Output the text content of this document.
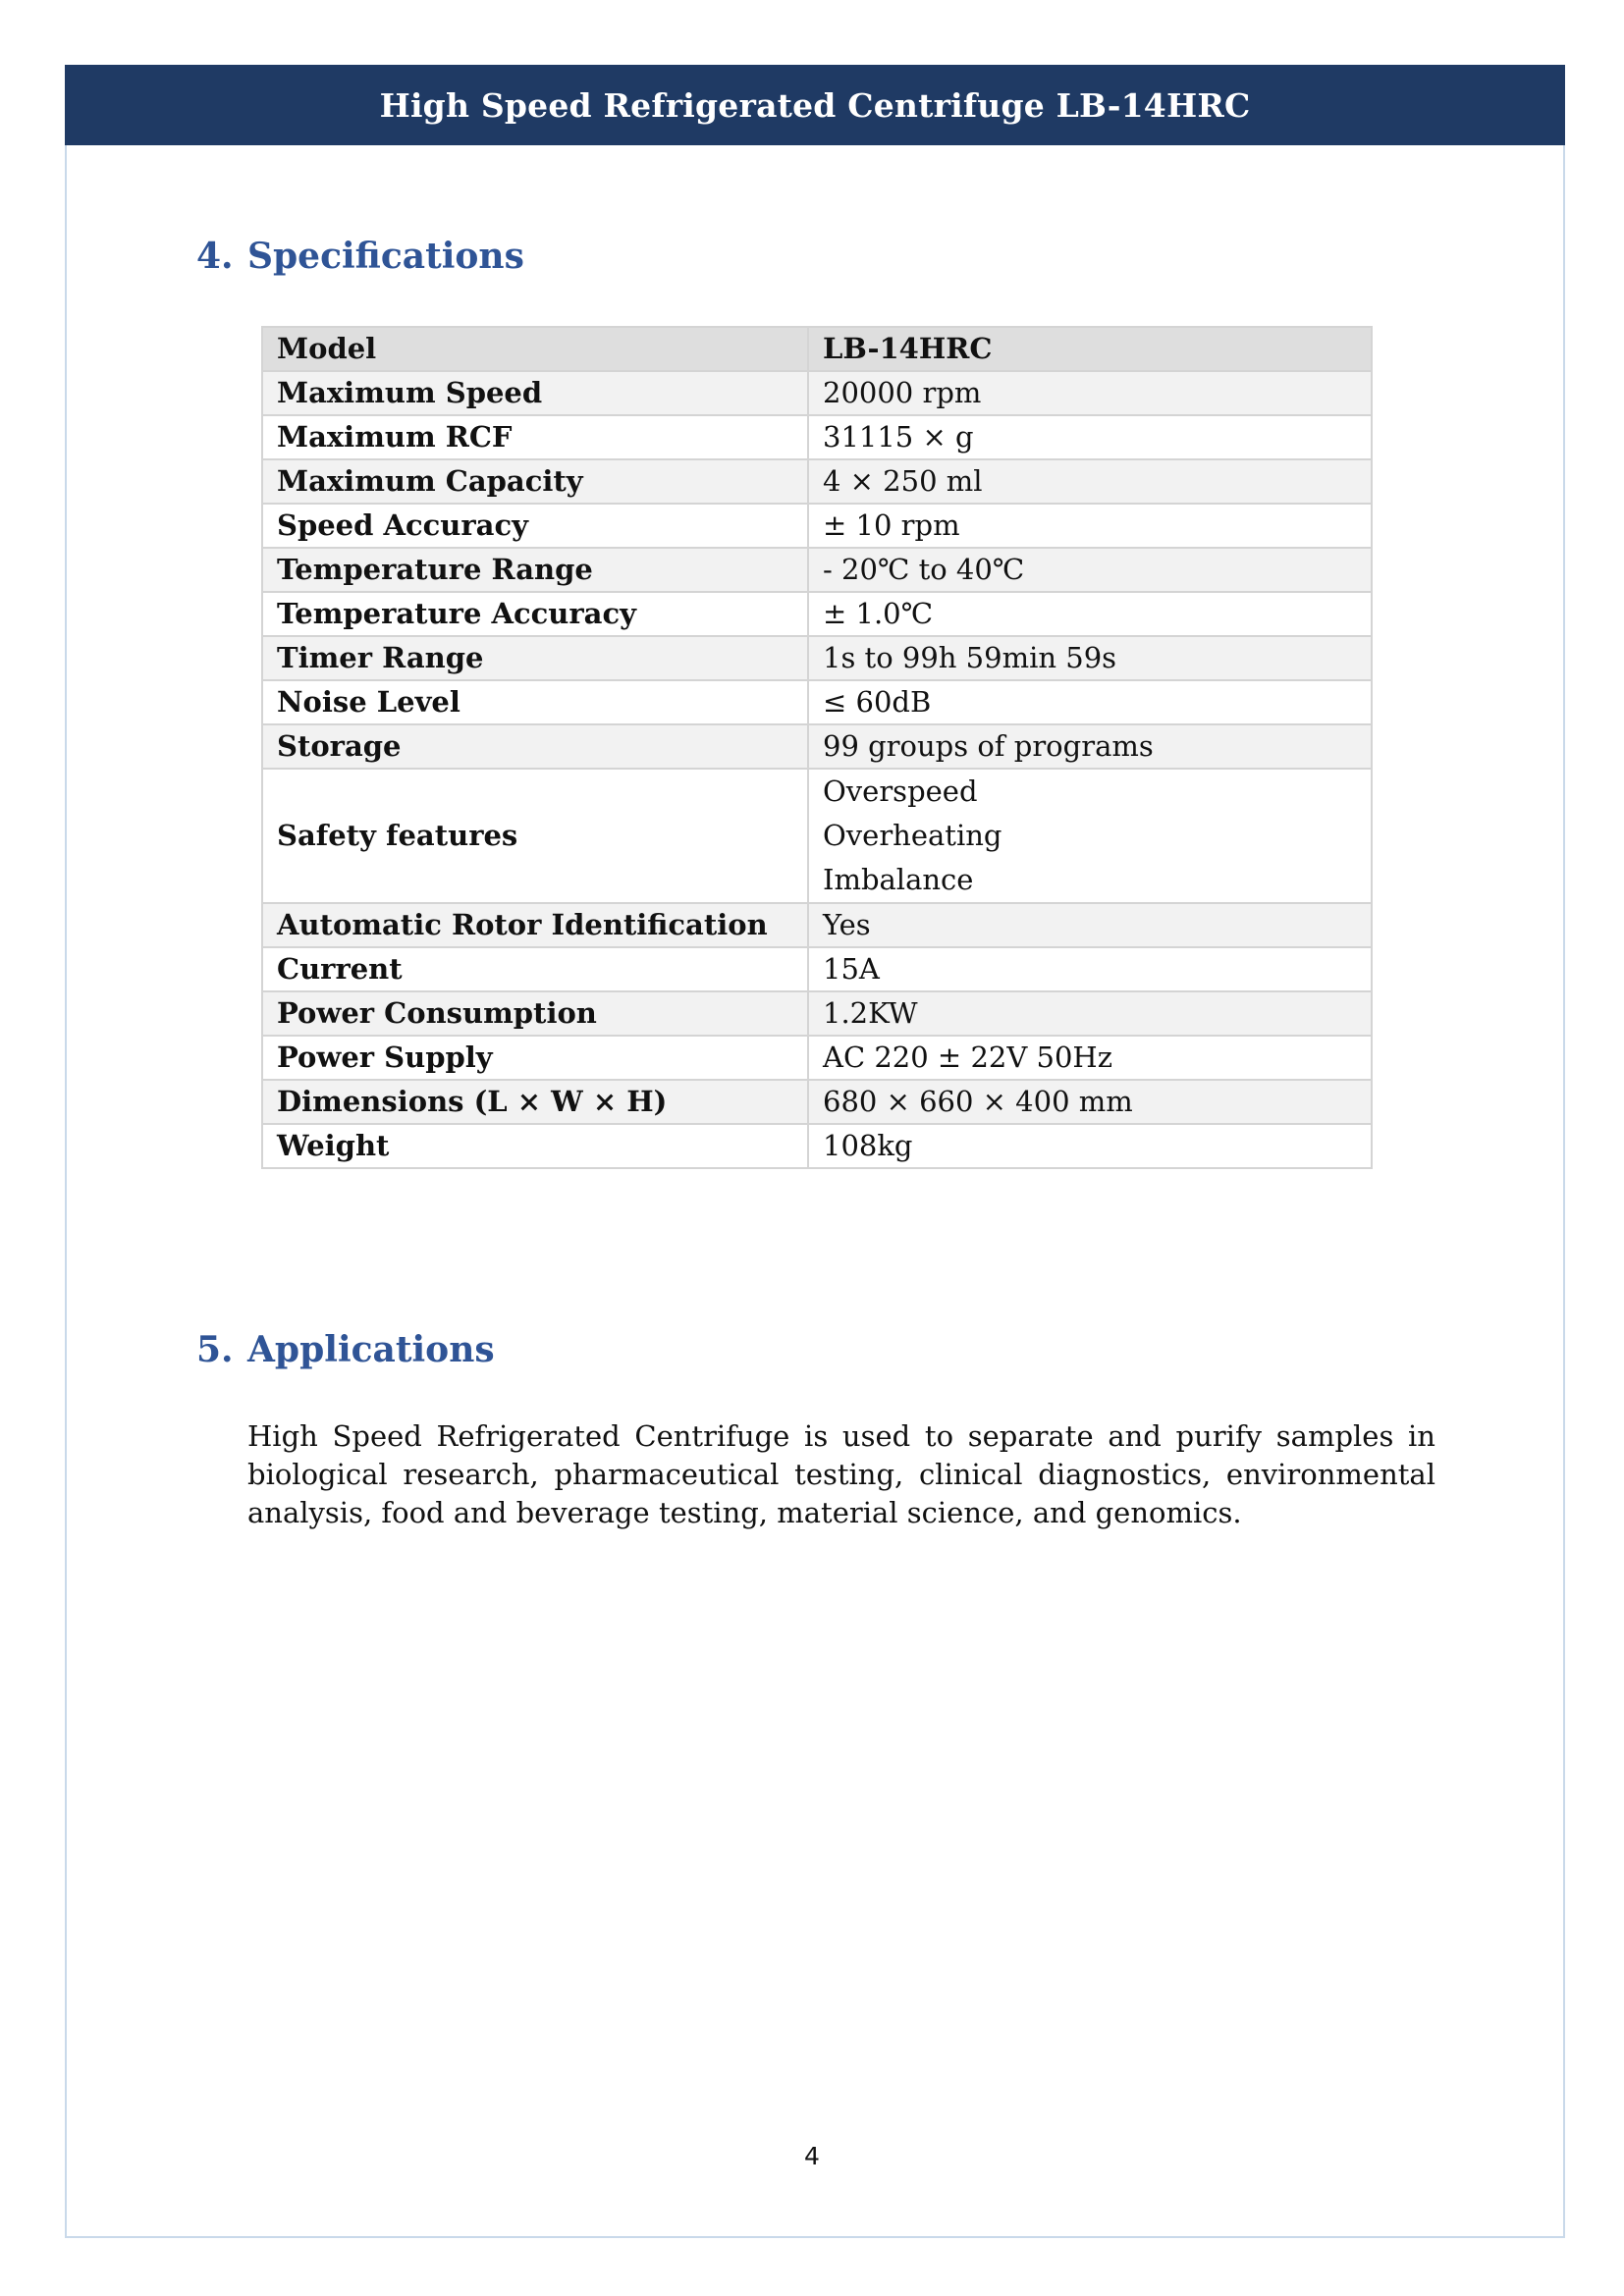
High Speed Refrigerated Centrifuge LB-14HRC
4. Specifications
Model	LB-14HRC
Maximum Speed	20000 rpm
Maximum RCF	31115 × g
Maximum Capacity	4 × 250 ml
Speed Accuracy	± 10 rpm
Temperature Range	- 20℃ to 40℃
Temperature Accuracy	± 1.0℃
Timer Range	1s to 99h 59min 59s
Noise Level	≤ 60dB
Storage	99 groups of programs
Safety features	Overspeed
Overheating
Imbalance

Automatic Rotor Identification	Yes
Current	15A
Power Consumption	1.2KW
Power Supply	AC 220 ± 22V 50Hz
Dimensions (L × W × H)	680 × 660 × 400 mm
Weight	108kg
5. Applications

High Speed Refrigerated Centrifuge is used to separate and purify samples in biological research, pharmaceutical testing, clinical diagnostics, environmental analysis, food and beverage testing, material science, and genomics.

4
